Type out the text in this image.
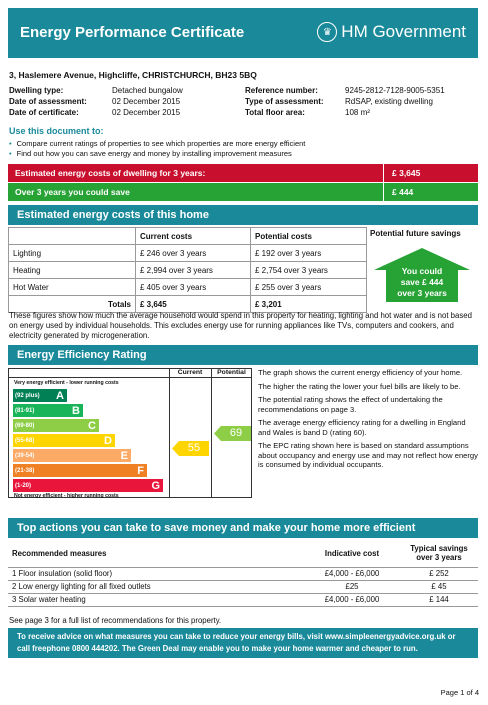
Energy Performance Certificate	♛ HM Government
3, Haslemere Avenue, Highcliffe, CHRISTCHURCH, BH23 5BQ
Dwelling type:	Detached bungalow
Date of assessment:	02 December 2015
Date of certificate:	02 December 2015
Reference number:	9245-2812-7128-9005-5351
Type of assessment:	RdSAP, existing dwelling
Total floor area:	108 m²
Use this document to:
• Compare current ratings of properties to see which properties are more energy efficient
• Find out how you can save energy and money by installing improvement measures
Estimated energy costs of dwelling for 3 years:	£ 3,645
Over 3 years you could save	£ 444
Estimated energy costs of this home
	Current costs	Potential costs
Lighting	£ 246 over 3 years	£ 192 over 3 years
Heating	£ 2,994 over 3 years	£ 2,754 over 3 years
Hot Water	£ 405 over 3 years	£ 255 over 3 years
Totals	£ 3,645	£ 3,201
Potential future savings
You could
save £ 444
over 3 years
These figures show how much the average household would spend in this property for heating, lighting and hot water and is not based on energy used by individual households. This excludes energy use for running appliances like TVs, computers and cookers, and electricity generated by microgeneration.
Energy Efficiency Rating
Current	Potential
Very energy efficient - lower running costs
(92 plus) A
(81-91)	B
(69-80)	C
(55-68)	D
(39-54)	E
(21-38)	F
(1-20)	G
Not energy efficient - higher running costs
55
69

The graph shows the current energy efficiency of your home.

The higher the rating the lower your fuel bills are likely to be.

The potential rating shows the effect of undertaking the recommendations on page 3.

The average energy efficiency rating for a dwelling in England and Wales is band D (rating 60).

The EPC rating shown here is based on standard assumptions about occupancy and energy use and may not reflect how energy is consumed by individual occupants.

Top actions you can take to save money and make your home more efficient
Recommended measures	Indicative cost	Typical savings over 3 years
1 Floor insulation (solid floor)	£4,000 - £6,000	£ 252
2 Low energy lighting for all fixed outlets	£25	£ 45
3 Solar water heating	£4,000 - £6,000	£ 144
See page 3 for a full list of recommendations for this property.
To receive advice on what measures you can take to reduce your energy bills, visit www.simpleenergyadvice.org.uk or call freephone 0800 444202. The Green Deal may enable you to make your home warmer and cheaper to run.
Page 1 of 4
